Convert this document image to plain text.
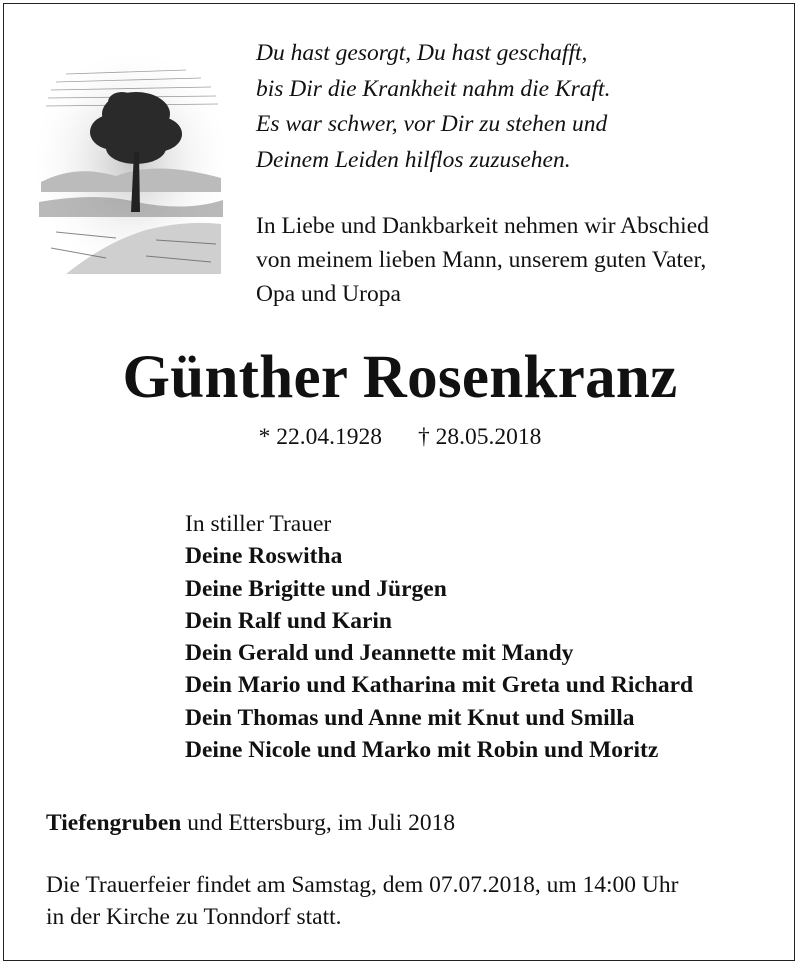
Du hast gesorgt, Du hast geschafft,
bis Dir die Krankheit nahm die Kraft.
Es war schwer, vor Dir zu stehen und
Deinem Leiden hilflos zuzusehen.
In Liebe und Dankbarkeit nehmen wir Abschied
von meinem lieben Mann, unserem guten Vater,
Opa und Uropa
Günther Rosenkranz
* 22.04.1928 † 28.05.2018
In stiller Trauer
Deine Roswitha
Deine Brigitte und Jürgen
Dein Ralf und Karin
Dein Gerald und Jeannette mit Mandy
Dein Mario und Katharina mit Greta und Richard
Dein Thomas und Anne mit Knut und Smilla
Deine Nicole und Marko mit Robin und Moritz
Tiefengruben und Ettersburg, im Juli 2018
Die Trauerfeier findet am Samstag, dem 07.07.2018, um 14:00 Uhr
in der Kirche zu Tonndorf statt.
